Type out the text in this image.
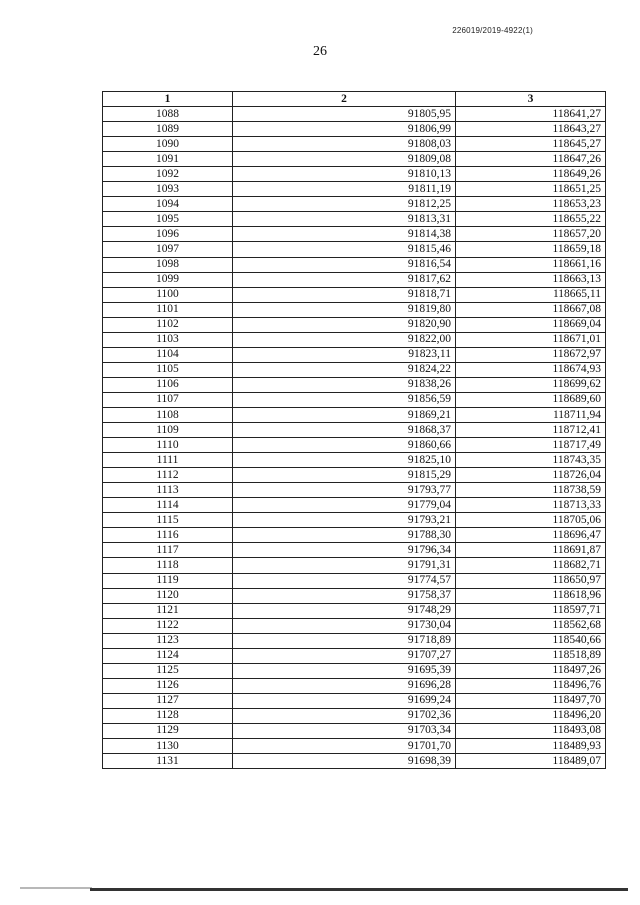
226019/2019-4922(1)
26
1	2	3
1088	91805,95	118641,27
1089	91806,99	118643,27
1090	91808,03	118645,27
1091	91809,08	118647,26
1092	91810,13	118649,26
1093	91811,19	118651,25
1094	91812,25	118653,23
1095	91813,31	118655,22
1096	91814,38	118657,20
1097	91815,46	118659,18
1098	91816,54	118661,16
1099	91817,62	118663,13
1100	91818,71	118665,11
1101	91819,80	118667,08
1102	91820,90	118669,04
1103	91822,00	118671,01
1104	91823,11	118672,97
1105	91824,22	118674,93
1106	91838,26	118699,62
1107	91856,59	118689,60
1108	91869,21	118711,94
1109	91868,37	118712,41
1110	91860,66	118717,49
1111	91825,10	118743,35
1112	91815,29	118726,04
1113	91793,77	118738,59
1114	91779,04	118713,33
1115	91793,21	118705,06
1116	91788,30	118696,47
1117	91796,34	118691,87
1118	91791,31	118682,71
1119	91774,57	118650,97
1120	91758,37	118618,96
1121	91748,29	118597,71
1122	91730,04	118562,68
1123	91718,89	118540,66
1124	91707,27	118518,89
1125	91695,39	118497,26
1126	91696,28	118496,76
1127	91699,24	118497,70
1128	91702,36	118496,20
1129	91703,34	118493,08
1130	91701,70	118489,93
1131	91698,39	118489,07
